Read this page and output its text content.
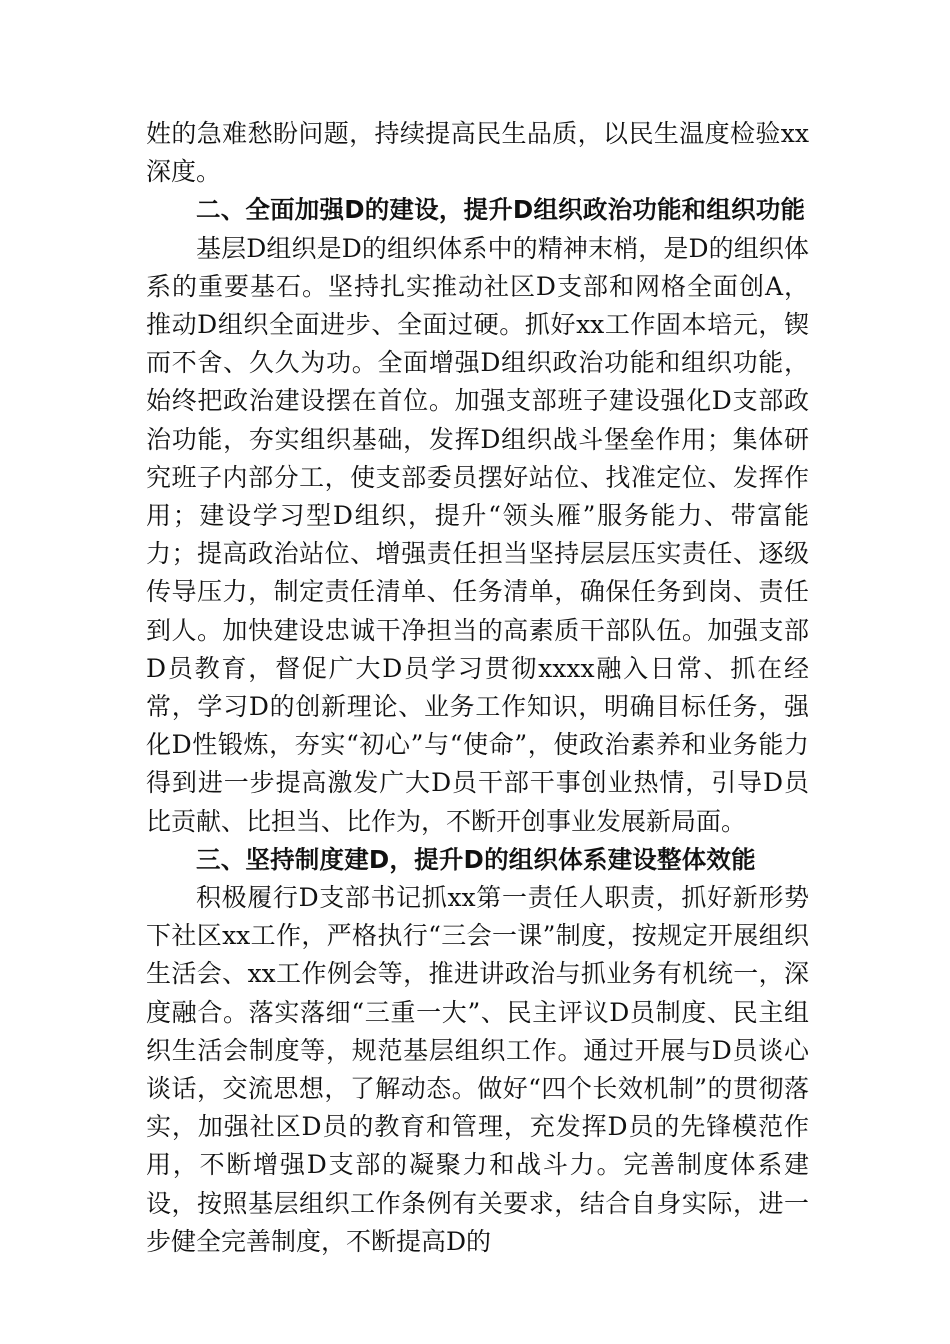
姓的急难愁盼问题，持续提高民生品质，以民生温度检验xx深度。

二、全面加强D的建设，提升D组织政治功能和组织功能

基层D组织是D的组织体系中的精神末梢，是D的组织体系的重要基石。坚持扎实推动社区D支部和网格全面创A，推动D组织全面进步、全面过硬。抓好xx工作固本培元，锲而不舍、久久为功。全面增强D组织政治功能和组织功能，始终把政治建设摆在首位。加强支部班子建设强化D支部政治功能，夯实组织基础，发挥D组织战斗堡垒作用；集体研究班子内部分工，使支部委员摆好站位、找准定位、发挥作用；建设学习型D组织，提升“领头雁”服务能力、带富能力；提高政治站位、增强责任担当坚持层层压实责任、逐级传导压力，制定责任清单、任务清单，确保任务到岗、责任到人。加快建设忠诚干净担当的高素质干部队伍。加强支部D员教育，督促广大D员学习贯彻xxxx融入日常、抓在经常，学习D的创新理论、业务工作知识，明确目标任务，强化D性锻炼，夯实“初心”与“使命”，使政治素养和业务能力得到进一步提高激发广大D员干部干事创业热情，引导D员比贡献、比担当、比作为，不断开创事业发展新局面。

三、坚持制度建D，提升D的组织体系建设整体效能

积极履行D支部书记抓xx第一责任人职责，抓好新形势下社区xx工作，严格执行“三会一课”制度，按规定开展组织生活会、xx工作例会等，推进讲政治与抓业务有机统一，深度融合。落实落细“三重一大”、民主评议D员制度、民主组织生活会制度等，规范基层组织工作。通过开展与D员谈心谈话，交流思想，了解动态。做好“四个长效机制”的贯彻落实，加强社区D员的教育和管理，充发挥D员的先锋模范作用，不断增强D支部的凝聚力和战斗力。完善制度体系建设，按照基层组织工作条例有关要求，结合自身实际，进一步健全完善制度，不断提高D的
